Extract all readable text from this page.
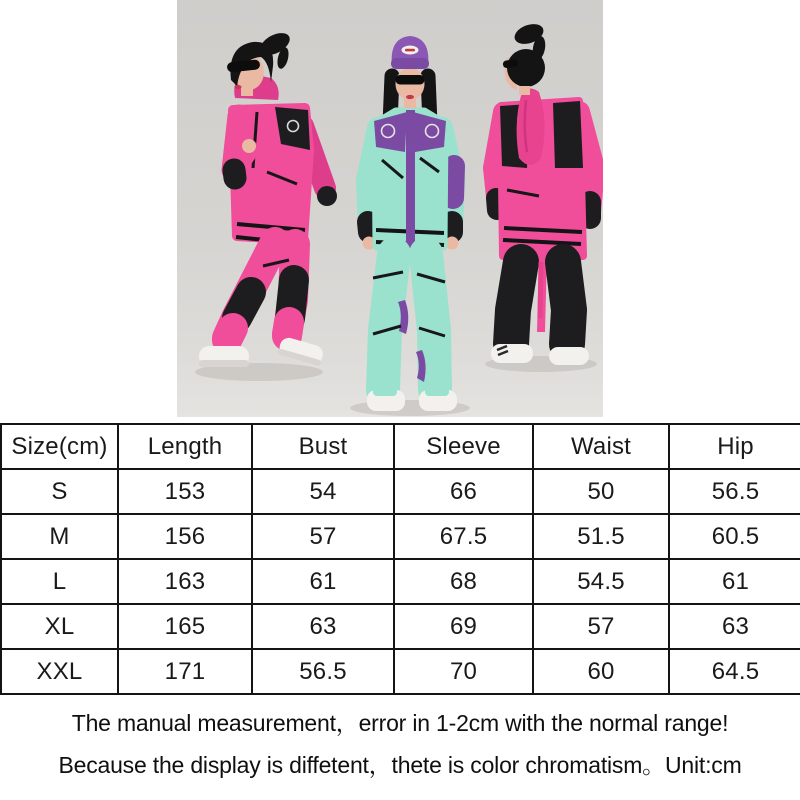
Size(cm)	Length	Bust	Sleeve	Waist	Hip
S	153	54	66	50	56.5
M	156	57	67.5	51.5	60.5
L	163	61	68	54.5	61
XL	165	63	69	57	63
XXL	171	56.5	70	60	64.5

The manual measurement，error in 1-2cm with the normal range!

Because the display is diffetent，thete is color chromatism。Unit:cm
